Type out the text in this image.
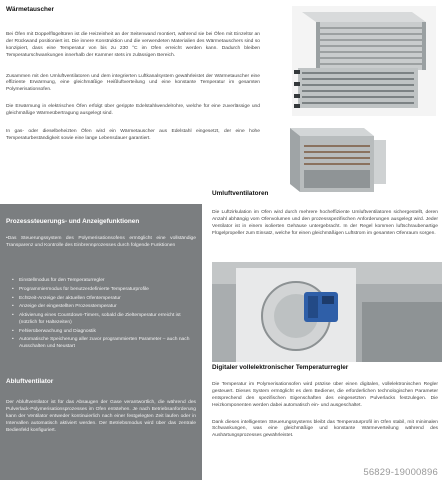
Wärmetauscher

Bei Öfen mit Doppelflügeltüren ist die Heizeinheit an der Seitenwand montiert, während sie bei Öfen mit Einzeltür an der Rückwand positioniert ist. Die innere Konstruktion und die verwendeten Materialien des Wärmetauschers sind so konzipiert, dass eine Temperatur von bis zu 230 °C im Ofen erreicht werden kann. Dadurch bleiben Temperaturschwankungen innerhalb der Kammer stets im zulässigen Bereich.

Zusammen mit den Umluftventilatoren und dem integrierten Luftkanalsystem gewährleistet der Wärmetauscher eine effiziente Erwärmung, eine gleichmäßige Heißluftverteilung und eine konstante Temperatur im gesamten Polymerisationsofen.

Die Erwärmung in elektrischen Öfen erfolgt über gerippte Edelstahlwendelrohre, welche für eine zuverlässige und gleichmäßige Wärmeübertragung ausgelegt sind.

In gas- oder dieselbeheizten Öfen wird ein Wärmetauscher aus Edelstahl eingesetzt, der eine hohe Temperaturbeständigkeit sowie eine lange Lebensdauer garantiert.

Prozesssteuerungs- und Anzeigefunktionen

•Das Steuerungssystem des Polymerisationsofens ermöglicht eine vollständige Transparenz und Kontrolle des Einbrennprozesses durch folgende Funktionen

• Einstellmodus für den Temperaturregler
• Programmiermodus für benutzerdefinierte Temperaturprofile
• Echtzeit-Anzeige der aktuellen Ofentemperatur
• Anzeige der eingestellten Prozesstemperatur
• Aktivierung eines Countdown-Timers, sobald die Zieltemperatur erreicht ist (nützlich für Haltezeiten)
• Fehlerüberwachung und Diagnostik
• Automatische Speicherung aller zuvor programmierten Parameter – auch nach Ausschalten und Neustart
Abluftventilator

Der Abluftventilator ist für das Absaugen der Gase verantwortlich, die während des Pulverlack-Polymerisationsprozesses im Ofen entstehen. Je nach Betriebsanforderung kann der Ventilator entweder kontinuierlich nach einer festgelegten Zeit laufen oder in Intervallen automatisch aktiviert werden. Der Betriebsmodus wird über das zentrale Bedienfeld konfiguriert.

Umluftventilatoren

Die Luftzirkulation im Ofen wird durch mehrere hocheffiziente Umluftventilatoren sichergestellt, deren Anzahl abhängig vom Ofenvolumen und den prozessspezifischen Anforderungen ausgelegt wird. Jeder Ventilator ist in einem isolierten Gehäuse untergebracht. In der Regel kommen luftschraubenartige Flügelpropeller zum Einsatz, welche für einen gleichmäßigen Luftstrom im gesamten Ofenraum sorgen.

Digitaler vollelektronischer Temperaturregler

Die Temperatur im Polymerisationsofen wird präzise über einen digitalen, vollelektronischen Regler gesteuert. Dieses System ermöglicht es dem Bediener, die erforderlichen technologischen Parameter entsprechend den spezifischen Eigenschaften des eingesetzten Pulverlacks festzulegen. Die Heizkomponenten werden dabei automatisch ein- und ausgeschaltet.

Dank dieses intelligenten Steuerungssystems bleibt das Temperaturprofil im Ofen stabil, mit minimalen Schwankungen, was eine gleichmäßige und konstante Wärmeverteilung während des Aushärtungsprozesses gewährleistet.

56829-19000896
